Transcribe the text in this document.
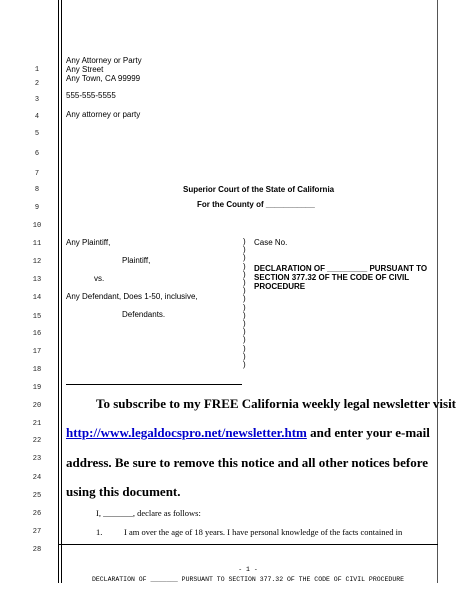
1
2
3
4
5
6
7
8
9
10
11
12
13
14
15
16
17
18
19
20
21
22
23
24
25
26
27
28
Any Attorney or Party
Any Street
Any Town, CA 99999
555-555-5555
Any attorney or party
Superior Court of the State of California
For the County of ___________
Any Plaintiff,
Plaintiff,
vs.
Any Defendant, Does 1-50, inclusive,
Defendants.
)
)
)
)
)
)
)
)
)
)
)
)
)
)
)
)
Case No.
DECLARATION OF _________ PURSUANT TO
SECTION 377.32 OF THE CODE OF CIVIL
PROCEDURE
To subscribe to my FREE California weekly legal newsletter visit
http://www.legaldocspro.net/newsletter.htm and enter your e-mail
address. Be sure to remove this notice and all other notices before
using this document.
I, _______, declare as follows:
1.	I am over the age of 18 years. I have personal knowledge of the facts contained in
- 1 -
DECLARATION OF _______ PURSUANT TO SECTION 377.32 OF THE CODE OF CIVIL PROCEDURE
